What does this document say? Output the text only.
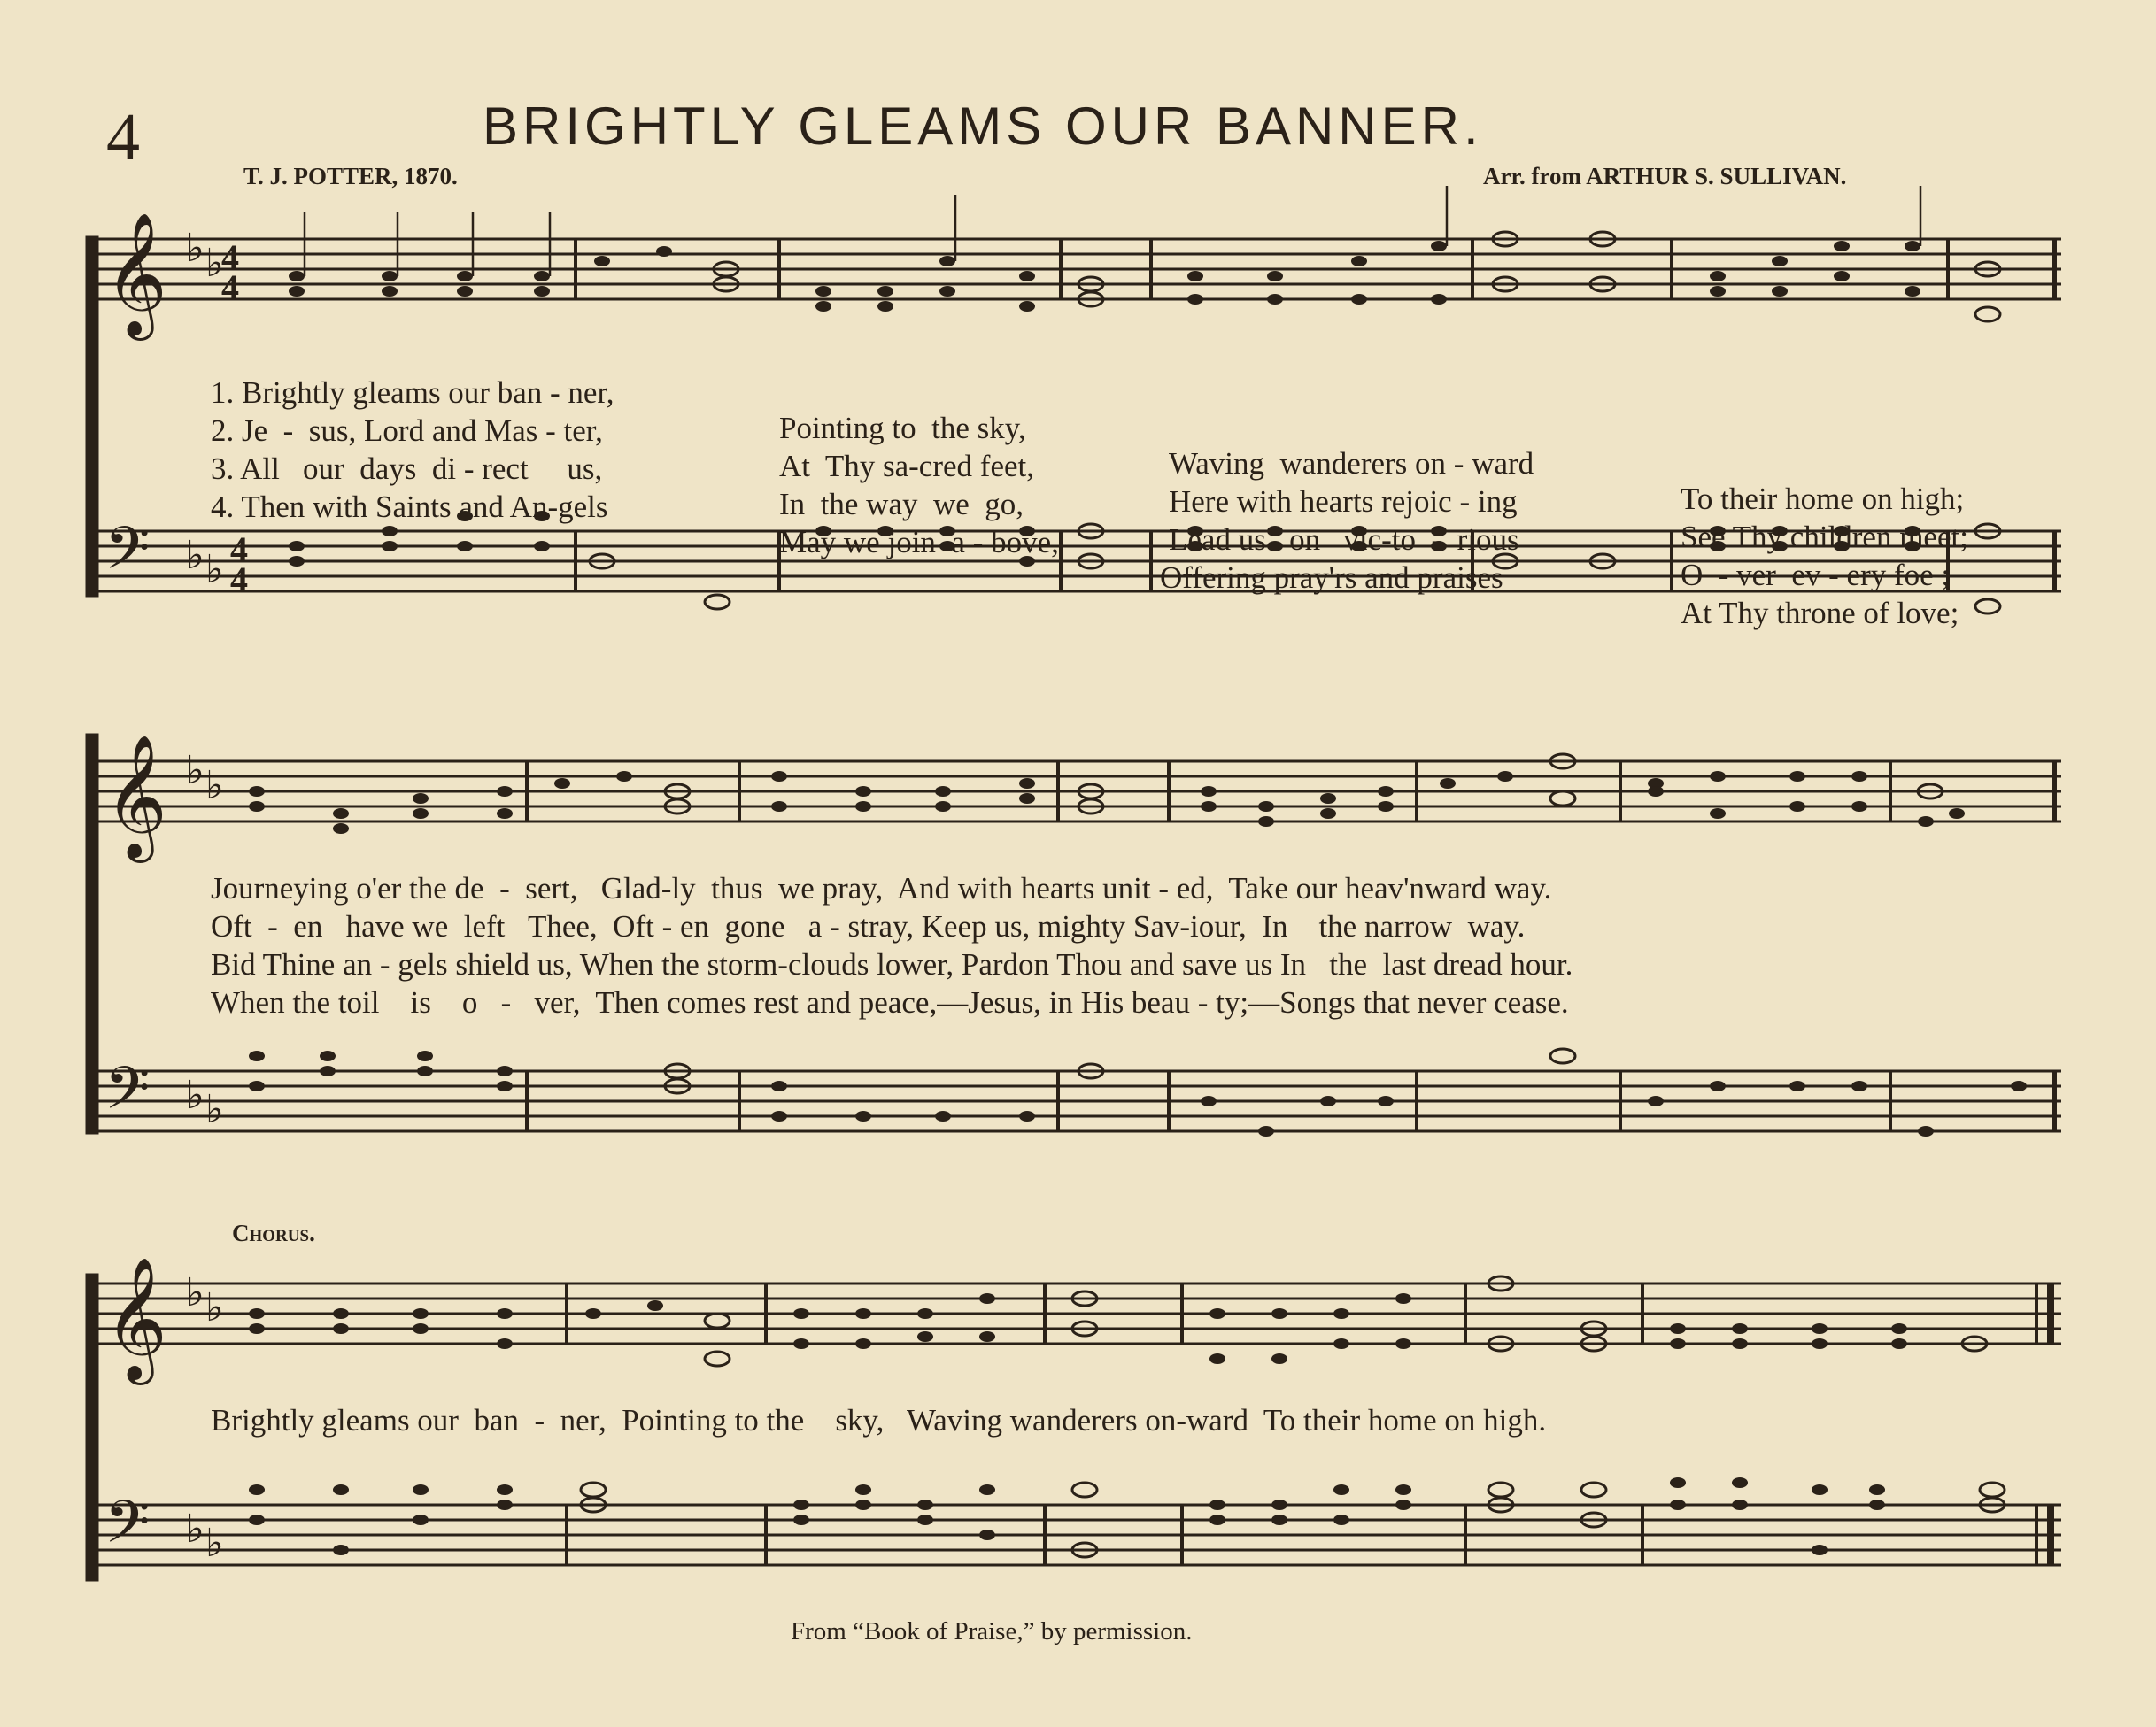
4	BRIGHTLY GLEAMS OUR BANNER.
T. J. POTTER, 1870.	Arr. from ARTHUR S. SULLIVAN.
𝄞
𝄢
♭ ♭
4
4
♭ ♭ 4
4

1. Brightly gleams our ban - ner,

Pointing to  the sky,

Waving  wanderers on - ward

To their home on high;

2. Je  -  sus, Lord and Mas - ter,

At  Thy sa-cred feet,

Here with hearts rejoic - ing

See Thy children meet;

3. All   our  days  di - rect     us,

In  the way  we  go,

Lead us   on   vic-to  -  rious

O  - ver  ev - ery foe ;

4. Then with Saints and An-gels

May we join  a - bove,

Offering pray'rs and praises

At Thy throne of love;

𝄞
𝄢
♭ ♭
♭ ♭
Journeying o'er the de  -  sert,   Glad-ly  thus  we pray,  And with hearts unit - ed,  Take our heav'nward way.
Oft  -  en   have we  left   Thee,  Oft - en  gone   a - stray, Keep us, mighty Sav-iour,  In    the narrow  way.
Bid Thine an - gels shield us, When the storm-clouds lower, Pardon Thou and save us In   the  last dread hour.
When the toil    is    o   -   ver,  Then comes rest and peace,—Jesus, in His beau - ty;—Songs that never cease.
Chorus.
𝄞
𝄢
♭ ♭
♭ ♭
Brightly gleams our  ban  -  ner,  Pointing to the    sky,   Waving wanderers on-ward  To their home on high.
From “Book of Praise,” by permission.
